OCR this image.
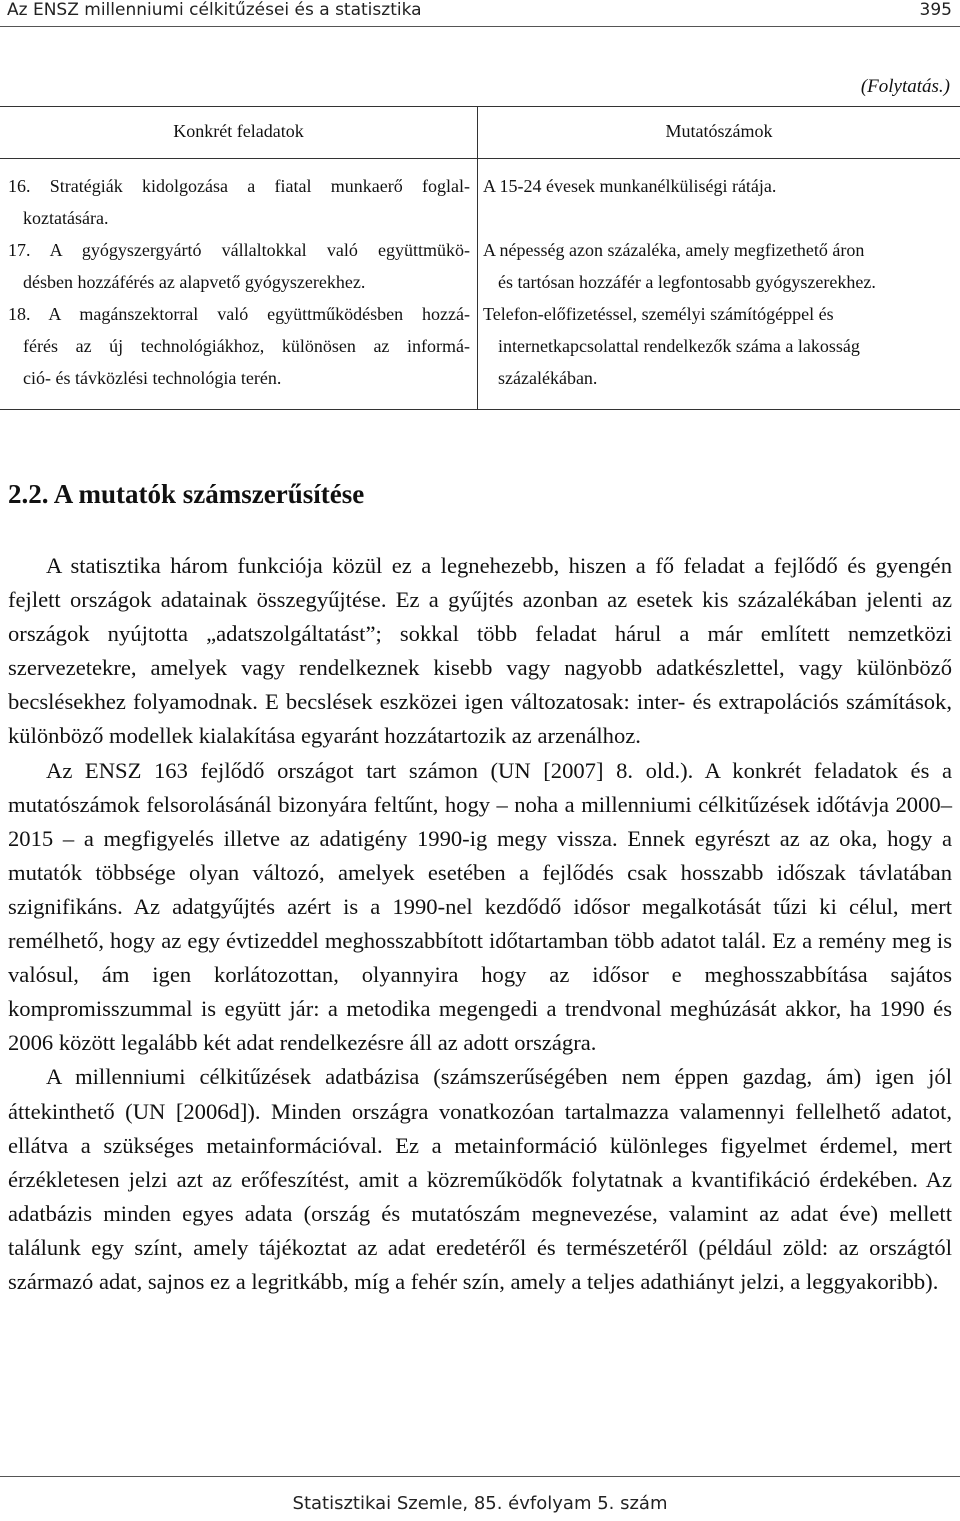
Az ENSZ millenniumi célkitűzései és a statisztika	395
(Folytatás.)
Konkrét feladatok	Mutatószámok
16. Stratégiák kidolgozása a fiatal munkaerő foglal-
koztatására.
A 15-24 évesek munkanélküliségi rátája.
17. A gyógyszergyártó vállaltokkal való együttmükö-
désben hozzáférés az alapvető gyógyszerekhez.
A népesség azon százaléka, amely megfizethető áron
és tartósan hozzáfér a legfontosabb gyógyszerekhez.
18. A magánszektorral való együttműködésben hozzá-
férés az új technológiákhoz, különösen az informá-
ció- és távközlési technológia terén.
Telefon-előfizetéssel, személyi számítógéppel és
internetkapcsolattal rendelkezők száma a lakosság
százalékában.
2.2. A mutatók számszerűsítése

A statisztika három funkciója közül ez a legnehezebb, hiszen a fő feladat a fejlődő és gyengén fejlett országok adatainak összegyűjtése. Ez a gyűjtés azonban az esetek kis százalékában jelenti az országok nyújtotta „adatszolgáltatást”; sokkal több feladat hárul a már említett nemzetközi szervezetekre, amelyek vagy rendelkeznek kisebb vagy nagyobb adatkészlettel, vagy különböző becslésekhez folyamodnak. E becslések eszközei igen változatosak: inter- és extrapolációs számítások, különböző modellek kialakítása egyaránt hozzátartozik az arzenálhoz.

Az ENSZ 163 fejlődő országot tart számon (UN [2007] 8. old.). A konkrét feladatok és a mutatószámok felsorolásánál bizonyára feltűnt, hogy – noha a millenniumi célkitűzések időtávja 2000–2015 – a megfigyelés illetve az adatigény 1990-ig megy vissza. Ennek egyrészt az az oka, hogy a mutatók többsége olyan változó, amelyek esetében a fejlődés csak hosszabb időszak távlatában szignifikáns. Az adatgyűjtés azért is a 1990-nel kezdődő idősor megalkotását tűzi ki célul, mert remélhető, hogy az egy évtizeddel meghosszabbított időtartamban több adatot talál. Ez a remény meg is valósul, ám igen korlátozottan, olyannyira hogy az idősor e meghosszabbítása sajátos kompromisszummal is együtt jár: a metodika megengedi a trendvonal meghúzását akkor, ha 1990 és 2006 között legalább két adat rendelkezésre áll az adott országra.

A millenniumi célkitűzések adatbázisa (számszerűségében nem éppen gazdag, ám) igen jól áttekinthető (UN [2006d]). Minden országra vonatkozóan tartalmazza valamennyi fellelhető adatot, ellátva a szükséges metainformációval. Ez a metainformáció különleges figyelmet érdemel, mert érzékletesen jelzi azt az erőfeszítést, amit a közreműködők folytatnak a kvantifikáció érdekében. Az adatbázis minden egyes adata (ország és mutatószám megnevezése, valamint az adat éve) mellett találunk egy színt, amely tájékoztat az adat eredetéről és természetéről (például zöld: az országtól származó adat, sajnos ez a legritkább, míg a fehér szín, amely a teljes adathiányt jelzi, a leggyakoribb).

Statisztikai Szemle, 85. évfolyam 5. szám
